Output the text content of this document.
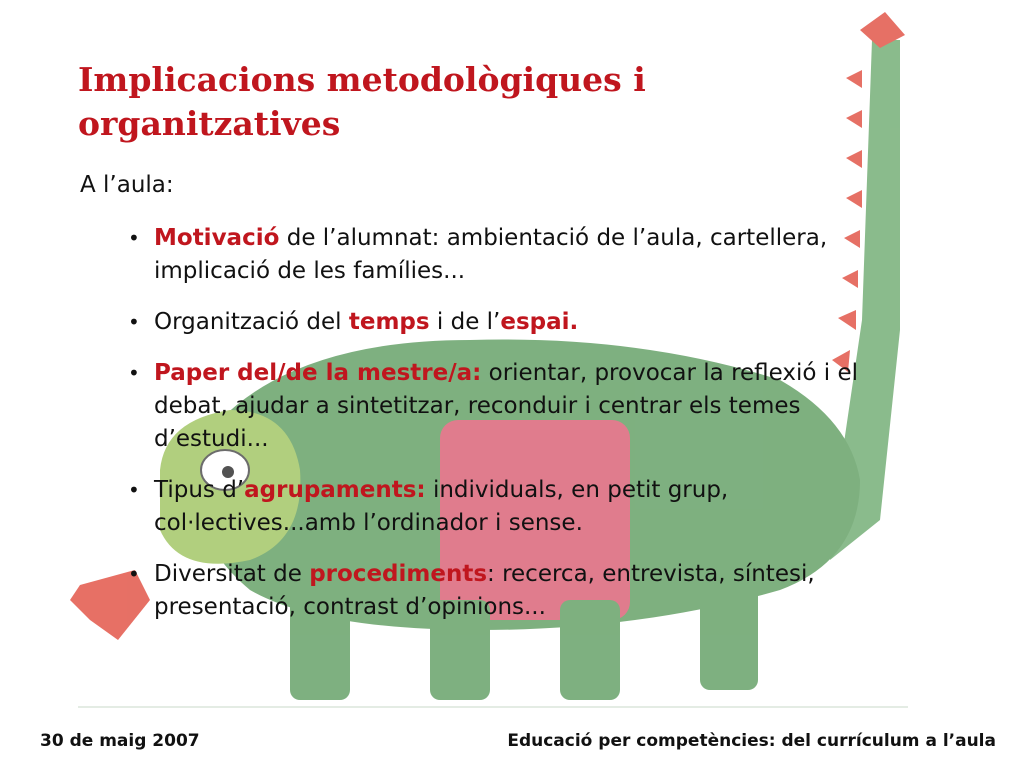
Implicacions metodològiques i organitzatives
A l’aula:
• Motivació de l’alumnat: ambientació de l’aula, cartellera, implicació de les famílies...
• Organització del temps i de l’espai.
• Paper del/de la mestre/a: orientar, provocar la reflexió i el debat, ajudar a sintetitzar, reconduir i centrar els temes d’estudi...
• Tipus d’agrupaments: individuals, en petit grup, col·lectives...amb l’ordinador i sense.
• Diversitat de procediments: recerca, entrevista, síntesi, presentació, contrast d’opinions...
30 de maig 2007	Educació per competències: del currículum a l’aula
